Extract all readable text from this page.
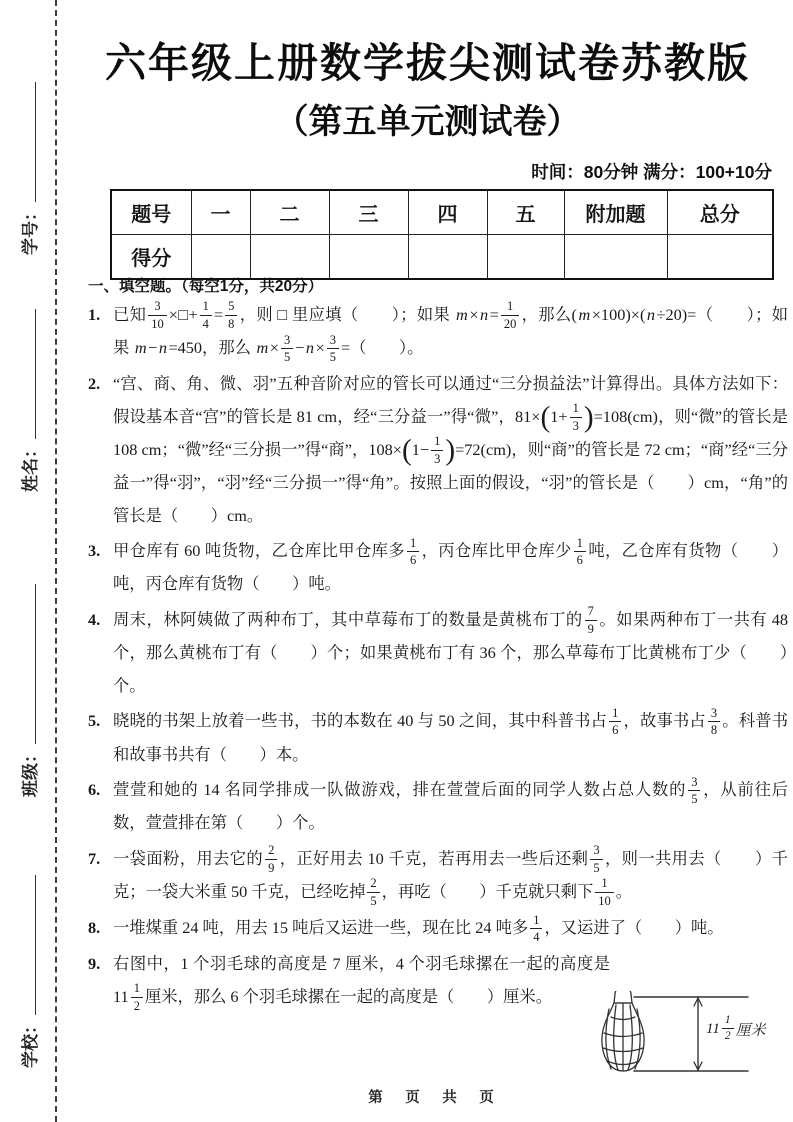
学号：
姓名：
班级：
学校：
六年级上册数学拔尖测试卷苏教版
（第五单元测试卷）
时间：80分钟 满分：100+10分
题号	一	二	三	四	五	附加题	总分
得分							
一、填空题。（每空1分，共20分）
1. 已知 $\frac{3}{10}$ ×□+ $\frac{1}{4} = \frac{5}{8}$ ，则 □ 里应填（　　）；如果 $m\times n= \frac{1}{20}$ ，那么(m×100)×(n÷20)=（　　）；如果 m−n=450，那么 $m\times \frac{3}{5} -n\times \frac{3}{5}$ =（　　）。
2. “宫、商、角、微、羽”五种音阶对应的管长可以通过“三分损益法”计算得出。具体方法如下：假设基本音“宫”的管长是 81 cm，经“三分益一”得“微”，$81\times(1+ \frac{1}{3} )=108(cm)$，则“微”的管长是 108 cm；“微”经“三分损一”得“商”，$108\times(1- \frac{1}{3} )=72(cm)$，则“商”的管长是 72 cm；“商”经“三分益一”得“羽”，“羽”经“三分损一”得“角”。按照上面的假设，“羽”的管长是（　　）cm，“角”的管长是（　　）cm。
3. 甲仓库有 60 吨货物，乙仓库比甲仓库多 $\frac{1}{6}$ ，丙仓库比甲仓库少 $\frac{1}{6}$ 吨，乙仓库有货物（　　）吨，丙仓库有货物（　　）吨。
4. 周末，林阿姨做了两种布丁，其中草莓布丁的数量是黄桃布丁的 $\frac{7}{9}$ 。如果两种布丁一共有 48 个，那么黄桃布丁有（　　）个；如果黄桃布丁有 36 个，那么草莓布丁比黄桃布丁少（　　）个。
5. 晓晓的书架上放着一些书，书的本数在 40 与 50 之间，其中科普书占 $\frac{1}{6}$ ，故事书占 $\frac{3}{8}$ 。科普书和故事书共有（　　）本。
6. 萱萱和她的 14 名同学排成一队做游戏，排在萱萱后面的同学人数占总人数的 $\frac{3}{5}$ ，从前往后数，萱萱排在第（　　）个。
7. 一袋面粉，用去它的 $\frac{2}{9}$ ，正好用去 10 千克，若再用去一些后还剩 $\frac{3}{5}$ ，则一共用去（　　）千克；一袋大米重 50 千克，已经吃掉 $\frac{2}{5}$ ，再吃（　　）千克就只剩下 $\frac{1}{10}$ 。
8. 一堆煤重 24 吨，用去 15 吨后又运进一些，现在比 24 吨多 $\frac{1}{4}$ ，又运进了（　　）吨。
9. 右图中，1 个羽毛球的高度是 7 厘米，4 个羽毛球摞在一起的高度是 $11 \frac{1}{2}$ 厘米，那么 6 个羽毛球摞在一起的高度是（　　）厘米。
$11 \frac{1}{2}$ 厘米
第　页　共　页
